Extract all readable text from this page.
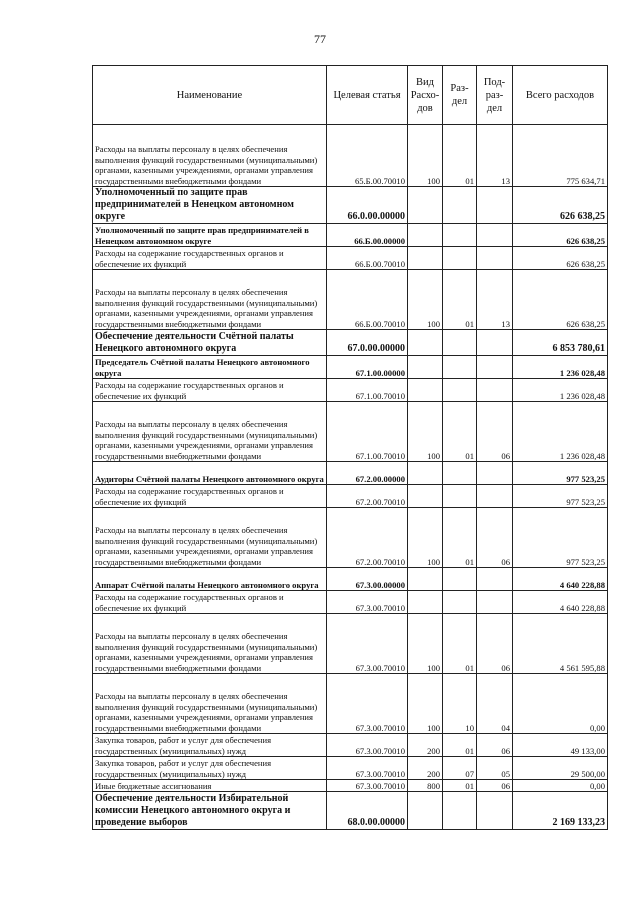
77
Наименование	Целевая статья	Вид Расхо-дов	Раз-дел	Под-раз-дел	Всего расходов
Расходы на выплаты персоналу в целях обеспечения выполнения функций государственными (муниципальными) органами, казенными учреждениями, органами управления государственными внебюджетными фондами	65.Б.00.70010	100	01	13	775 634,71
Уполномоченный по защите прав предпринимателей в Ненецком автономном округе	66.0.00.00000				626 638,25
Уполномоченный по защите прав предпринимателей в Ненецком автономном округе	66.Б.00.00000				626 638,25
Расходы на содержание государственных органов и обеспечение их функций	66.Б.00.70010				626 638,25
Расходы на выплаты персоналу в целях обеспечения выполнения функций государственными (муниципальными) органами, казенными учреждениями, органами управления государственными внебюджетными фондами	66.Б.00.70010	100	01	13	626 638,25
Обеспечение деятельности Счётной палаты Ненецкого автономного округа	67.0.00.00000				6 853 780,61
Председатель Счётной палаты Ненецкого автономного округа	67.1.00.00000				1 236 028,48
Расходы на содержание государственных органов и обеспечение их функций	67.1.00.70010				1 236 028,48
Расходы на выплаты персоналу в целях обеспечения выполнения функций государственными (муниципальными) органами, казенными учреждениями, органами управления государственными внебюджетными фондами	67.1.00.70010	100	01	06	1 236 028,48
Аудиторы Счётной палаты Ненецкого автономного округа	67.2.00.00000				977 523,25
Расходы на содержание государственных органов и обеспечение их функций	67.2.00.70010				977 523,25
Расходы на выплаты персоналу в целях обеспечения выполнения функций государственными (муниципальными) органами, казенными учреждениями, органами управления государственными внебюджетными фондами	67.2.00.70010	100	01	06	977 523,25
Аппарат Счётной палаты Ненецкого автономного округа	67.3.00.00000				4 640 228,88
Расходы на содержание государственных органов и обеспечение их функций	67.3.00.70010				4 640 228,88
Расходы на выплаты персоналу в целях обеспечения выполнения функций государственными (муниципальными) органами, казенными учреждениями, органами управления государственными внебюджетными фондами	67.3.00.70010	100	01	06	4 561 595,88
Расходы на выплаты персоналу в целях обеспечения выполнения функций государственными (муниципальными) органами, казенными учреждениями, органами управления государственными внебюджетными фондами	67.3.00.70010	100	10	04	0,00
Закупка товаров, работ и услуг для обеспечения государственных (муниципальных) нужд	67.3.00.70010	200	01	06	49 133,00
Закупка товаров, работ и услуг для обеспечения государственных (муниципальных) нужд	67.3.00.70010	200	07	05	29 500,00
Иные бюджетные ассигнования	67.3.00.70010	800	01	06	0,00
Обеспечение деятельности Избирательной комиссии Ненецкого автономного округа и проведение выборов	68.0.00.00000				2 169 133,23
